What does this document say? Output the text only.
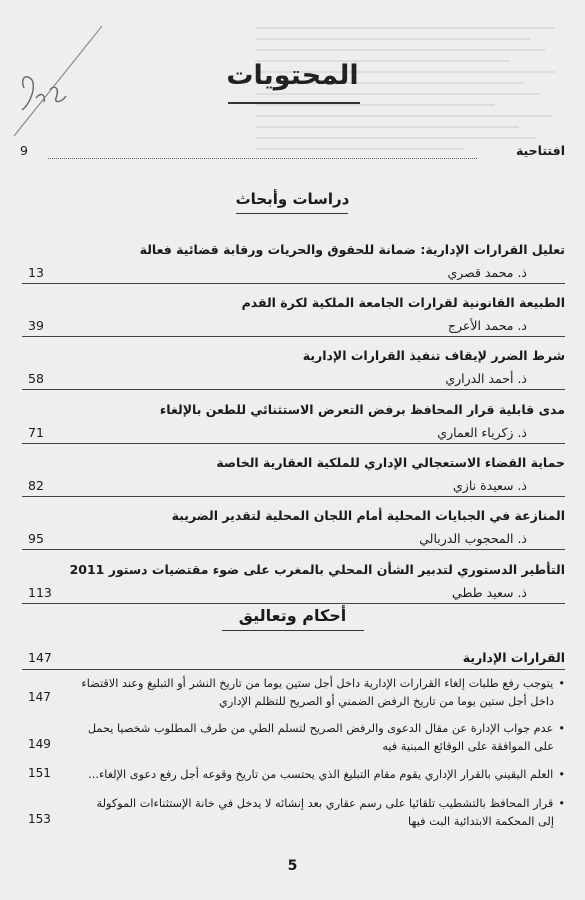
المحتويات
افتتاحية
9
دراسات وأبحاث
تعليل القرارات الإدارية: ضمانة للحقوق والحريات ورقابة قضائية فعالة
ذ. محمد قصري
13
الطبيعة القانونية لقرارات الجامعة الملكية لكرة القدم
د. محمد الأعرج
39
شرط الضرر لإيقاف تنفيذ القرارات الإدارية
ذ. أحمد الدراري
58
مدى قابلية قرار المحافظ برفض التعرض الاستثنائي للطعن بالإلغاء
ذ. زكرياء العماري
71
حماية القضاء الاستعجالي الإداري للملكية العقارية الخاصة
ذ. سعيدة نازي
82
المنازعة في الجبايات المحلية أمام اللجان المحلية لتقدير الضريبة
ذ. المحجوب الدربالي
95
التأطير الدستوري لتدبير الشأن المحلي بالمغرب على ضوء مقتضيات دستور 2011
ذ. سعيد ططي
113
أحكام وتعاليق
القرارات الإدارية
147
•يتوجب رفع طلبات إلغاء القرارات الإدارية داخل أجل ستين يوما من تاريخ النشر أو التبليغ وعند الاقتضاء
داخل أجل ستين يوما من تاريخ الرفض الضمني أو الصريح للتظلم الإداري
147
•عدم جواب الإدارة عن مقال الدعوى والرفض الصريح لتسلم الطي من طرف المطلوب شخصيا يحمل
على الموافقة على الوقائع المبنية فيه
149
•العلم اليقيني بالقرار الإداري يقوم مقام التبليغ الذي يحتسب من تاريخ وقوعه أجل رفع دعوى الإلغاء...
151
•قرار المحافظ بالتشطيب تلقائيا على رسم عقاري بعد إنشائه لا يدخل في خانة الإستثناءات الموكولة
إلى المحكمة الابتدائية البت فيها
153
5
